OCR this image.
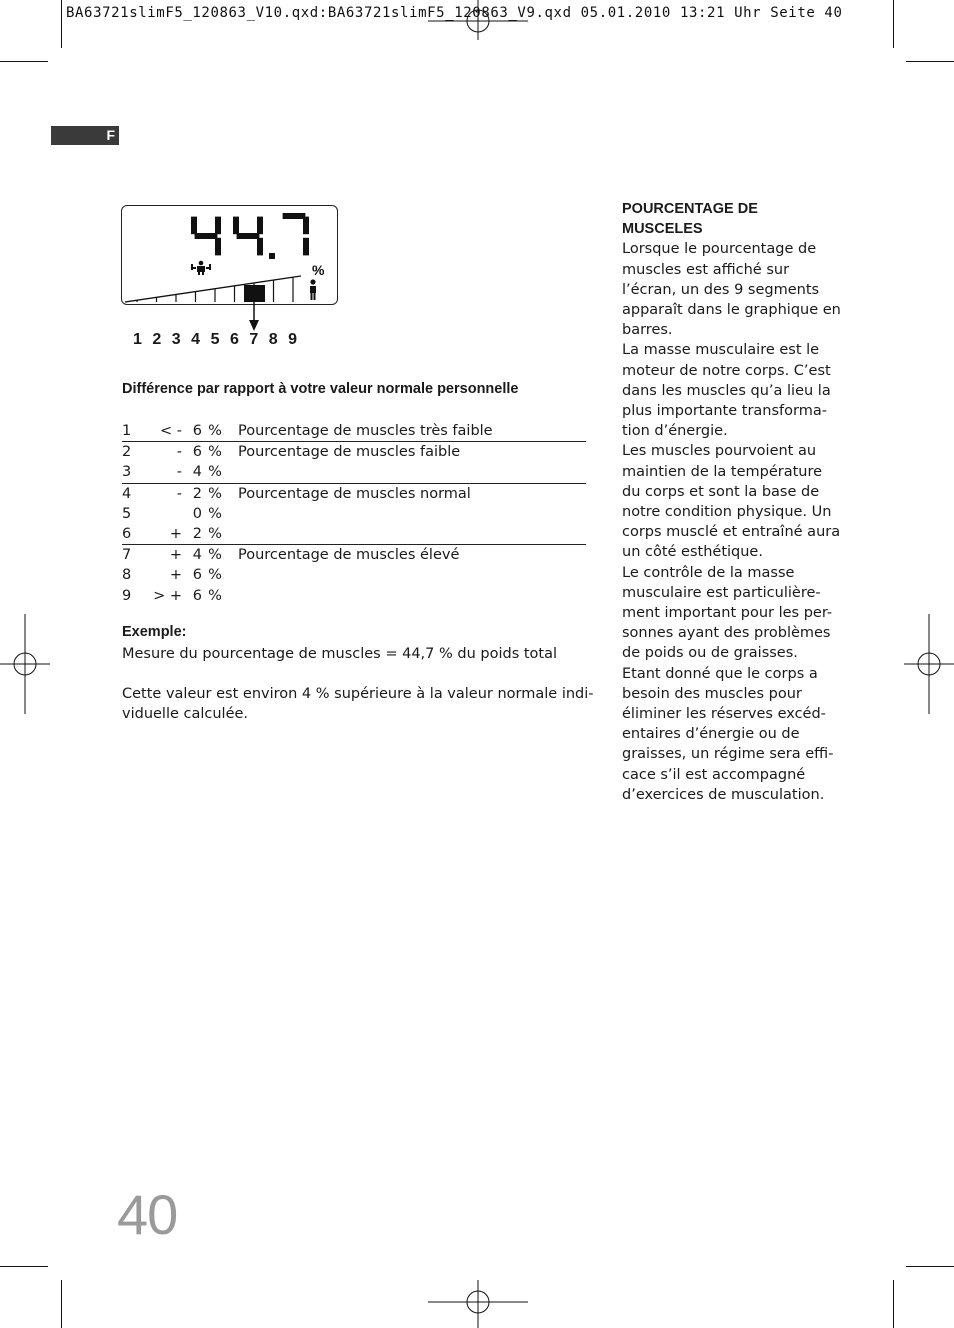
BA63721slimF5_120863_V10.qxd:BA63721slimF5_120863_V9.qxd 05.01.2010 13:21 Uhr Seite 40
F
%
1 2 3 4 5 6 7 8 9
Différence par rapport à votre valeur normale personnelle
1	< -	6	%	Pourcentage de muscles très faible
2	-	6	%	Pourcentage de muscles faible
3	-	4	%	
4	-	2	%	Pourcentage de muscles normal
5		0	%	
6	+	2	%	
7	+	4	%	Pourcentage de muscles élevé
8	+	6	%	
9	> +	6	%	
Exemple:
Mesure du pourcentage de muscles = 44,7 % du poids total
Cette valeur est environ 4 % supérieure à la valeur normale indi-
viduelle calculée.
POURCENTAGE DE
MUSCELES
Lorsque le pourcentage de
muscles est affiché sur
l’écran, un des 9 segments
apparaît dans le graphique en
barres.
La masse musculaire est le
moteur de notre corps. C’est
dans les muscles qu’a lieu la
plus importante transforma-
tion d’énergie.
Les muscles pourvoient au
maintien de la température
du corps et sont la base de
notre condition physique. Un
corps musclé et entraîné aura
un côté esthétique.
Le contrôle de la masse
musculaire est particulière-
ment important pour les per-
sonnes ayant des problèmes
de poids ou de graisses.
Etant donné que le corps a
besoin des muscles pour
éliminer les réserves excéd-
entaires d’énergie ou de
graisses, un régime sera effi-
cace s’il est accompagné
d’exercices de musculation.
40
